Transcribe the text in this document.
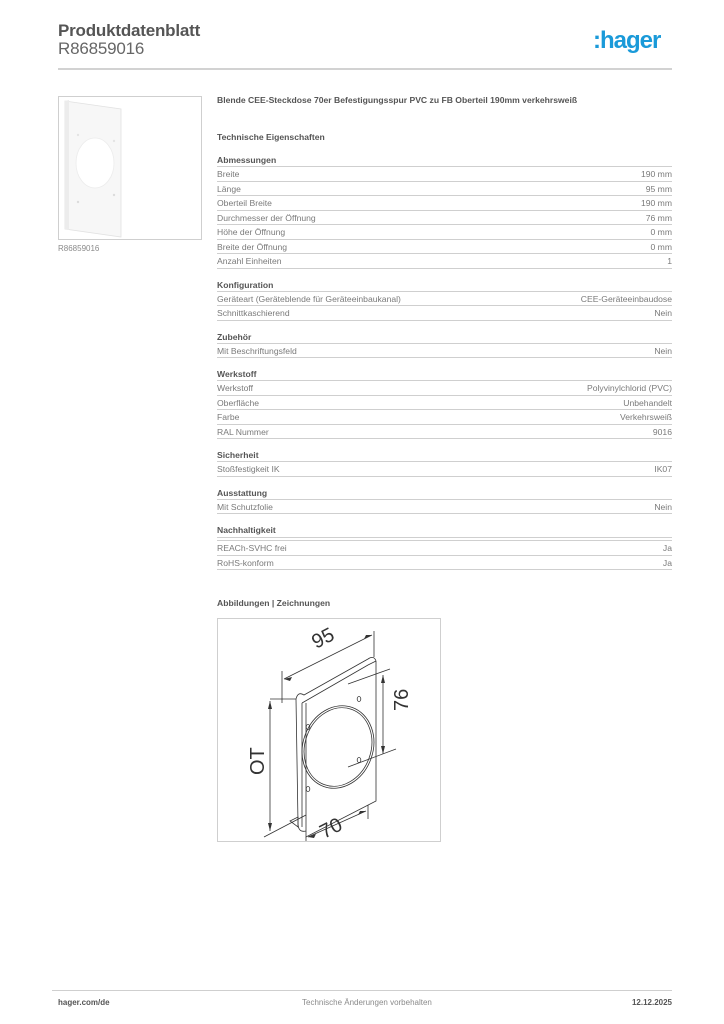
Produktdatenblatt
R86859016	:hager
R86859016
Blende CEE-Steckdose 70er Befestigungsspur PVC zu FB Oberteil 190mm verkehrsweiß
Technische Eigenschaften
Abmessungen
Breite	190 mm
Länge	95 mm
Oberteil Breite	190 mm
Durchmesser der Öffnung	76 mm
Höhe der Öffnung	0 mm
Breite der Öffnung	0 mm
Anzahl Einheiten	1
Konfiguration
Geräteart (Geräteblende für Geräteeinbaukanal)	CEE-Geräteeinbaudose
Schnittkaschierend	Nein
Zubehör
Mit Beschriftungsfeld	Nein
Werkstoff
Werkstoff	Polyvinylchlorid (PVC)
Oberfläche	Unbehandelt
Farbe	Verkehrsweiß
RAL Nummer	9016
Sicherheit
Stoßfestigkeit IK	IK07
Ausstattung
Mit Schutzfolie	Nein
Nachhaltigkeit
REACh-SVHC frei	Ja
RoHS-konform	Ja
Abbildungen | Zeichnungen
95
76
OT
70
hager.com/de	Technische Änderungen vorbehalten	12.12.2025
